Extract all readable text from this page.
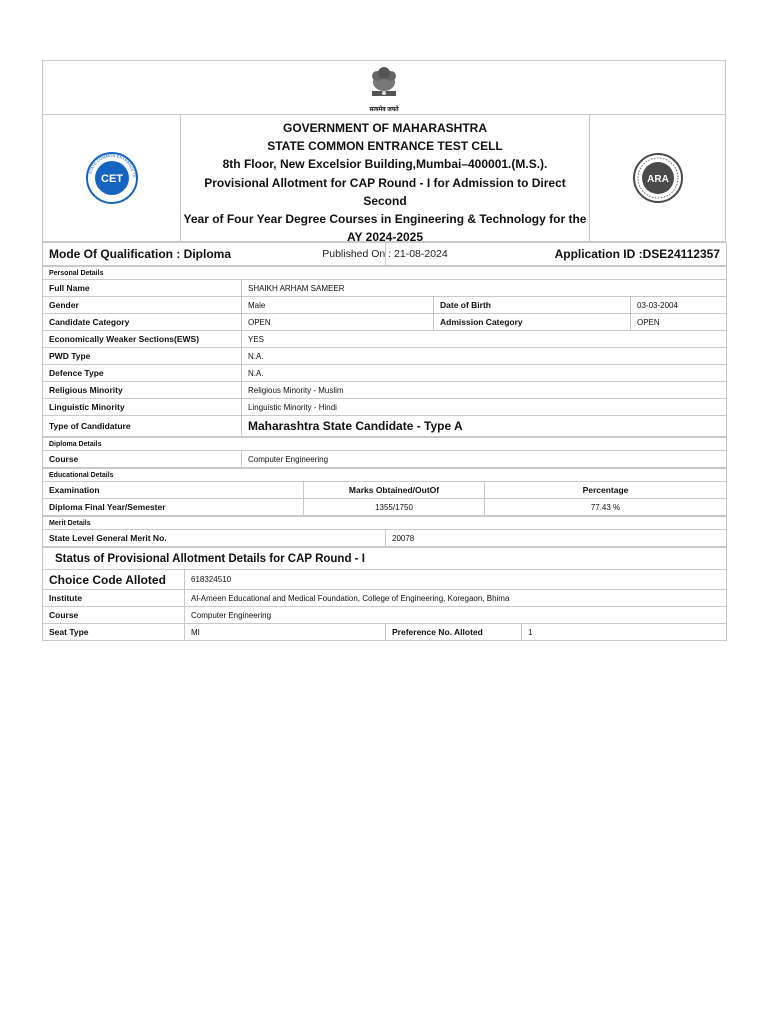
सत्यमेव जयते
CET
STATE COMMON ENTRANCE TE
GOVERNMENT OF MAHARASHTRA
STATE COMMON ENTRANCE TEST CELL
8th Floor, New Excelsior Building,Mumbai–400001.(M.S.).
Provisional Allotment for CAP Round - I for Admission to Direct Second
Year of Four Year Degree Courses in Engineering & Technology for the
AY 2024-2025
Published On : 21-08-2024
ARA
Mode Of Qualification : Diploma	Application ID :DSE24112357
Personal Details			
Full Name	SHAIKH ARHAM SAMEER		
Gender	Male	Date of Birth	03-03-2004
Candidate Category	OPEN	Admission Category	OPEN
Economically Weaker Sections(EWS)	YES		
PWD Type	N.A.		
Defence Type	N.A.		
Religious Minority	Religious Minority - Muslim		
Linguistic Minority	Linguistic Minority - Hindi		
Type of Candidature	Maharashtra State Candidate - Type A		
Diploma Details
Course	Computer Engineering
Educational Details		
Examination	Marks Obtained/OutOf	Percentage
Diploma Final Year/Semester	1355/1750	77.43 %
Merit Details
State Level General Merit No.	20078
Status of Provisional Allotment Details for CAP Round - I			
Choice Code Alloted	618324510		
Institute	Al-Ameen Educational and Medical Foundation, College of Engineering, Koregaon, Bhima		
Course	Computer Engineering		
Seat Type	MI	Preference No. Alloted	1
